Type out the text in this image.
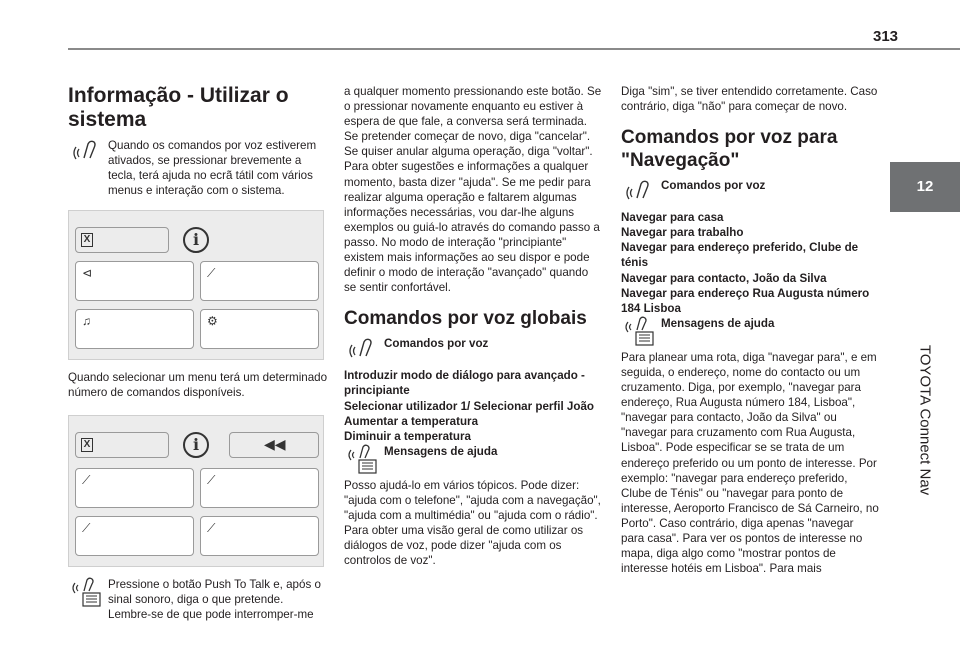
313
12
TOYOTA Connect Nav
Informação - Utilizar o sistema

Quando os comandos por voz estiverem ativados, se pressionar brevemente a tecla, terá ajuda no ecrã tátil com vários menus e interação com o sistema.

X	i
⊲	⟋
♫	⚙

Quando selecionar um menu terá um determinado número de comandos disponíveis.

X	i	◀◀
⟋	⟋
⟋	⟋

Pressione o botão Push To Talk e, após o sinal sonoro, diga o que pretende. Lembre-se de que pode interromper-me

a qualquer momento pressionando este botão. Se o pressionar novamente enquanto eu estiver à espera de que fale, a conversa será terminada. Se pretender começar de novo, diga "cancelar". Se quiser anular alguma operação, diga "voltar". Para obter sugestões e informações a qualquer momento, basta dizer "ajuda". Se me pedir para realizar alguma operação e faltarem algumas informações necessárias, vou dar-lhe alguns exemplos ou guiá-lo através do comando passo a passo. No modo de interação "principiante" existem mais informações ao seu dispor e pode definir o modo de interação "avançado" quando se sentir confortável.

Comandos por voz globais

Comandos por voz

Introduzir modo de diálogo para avançado - principiante

Selecionar utilizador 1/ Selecionar perfil João

Aumentar a temperatura

Diminuir a temperatura

Mensagens de ajuda

Posso ajudá-lo em vários tópicos. Pode dizer: "ajuda com o telefone", "ajuda com a navegação", "ajuda com a multimédia" ou "ajuda com o rádio". Para obter uma visão geral de como utilizar os diálogos de voz, pode dizer "ajuda com os controlos de voz".

Diga "sim", se tiver entendido corretamente. Caso contrário, diga "não" para começar de novo.

Comandos por voz para "Navegação"

Comandos por voz

Navegar para casa

Navegar para trabalho

Navegar para endereço preferido, Clube de ténis

Navegar para contacto, João da Silva

Navegar para endereço Rua Augusta número 184 Lisboa

Mensagens de ajuda

Para planear uma rota, diga "navegar para", e em seguida, o endereço, nome do contacto ou um cruzamento. Diga, por exemplo, "navegar para endereço, Rua Augusta número 184, Lisboa", "navegar para contacto, João da Silva" ou "navegar para cruzamento com Rua Augusta, Lisboa". Pode especificar se se trata de um endereço preferido ou um ponto de interesse. Por exemplo: "navegar para endereço preferido, Clube de Ténis" ou "navegar para ponto de interesse, Aeroporto Francisco de Sá Carneiro, no Porto". Caso contrário, diga apenas "navegar para casa". Para ver os pontos de interesse no mapa, diga algo como "mostrar pontos de interesse hotéis em Lisboa". Para mais
